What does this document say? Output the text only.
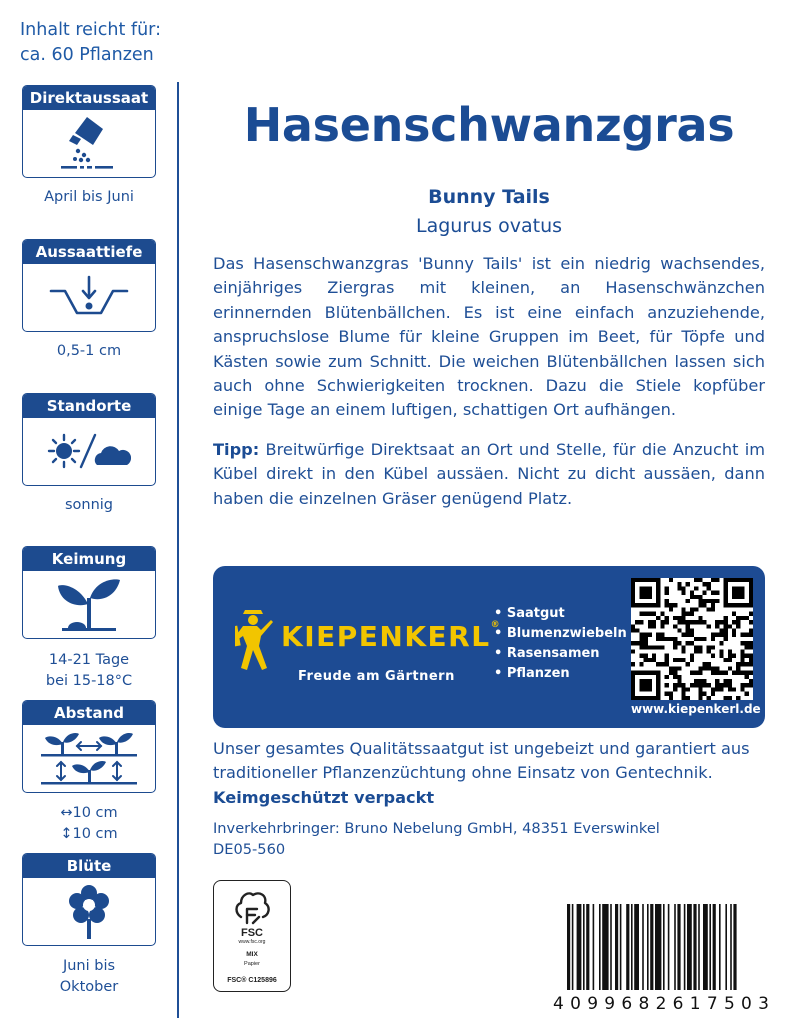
Inhalt reicht für:
ca. 60 Pflanzen
Direktaussaat
April bis Juni
Aussaattiefe
0,5-1 cm
Standorte
sonnig
Keimung
14-21 Tage
bei 15-18°C
Abstand
↔10 cm
↕10 cm
Blüte
Juni bis
Oktober
Hasenschwanzgras
Bunny Tails
Lagurus ovatus

Das Hasenschwanzgras 'Bunny Tails' ist ein niedrig wachsendes, einjähriges Ziergras mit kleinen, an Hasenschwänzchen erinnernden Blütenbällchen. Es ist eine einfach anzuziehende, anspruchslose Blume für kleine Gruppen im Beet, für Töpfe und Kästen sowie zum Schnitt. Die weichen Blütenbällchen lassen sich auch ohne Schwierigkeiten trocknen. Dazu die Stiele kopfüber einige Tage an einem luftigen, schattigen Ort aufhängen.

Tipp: Breitwürfige Direktsaat an Ort und Stelle, für die Anzucht im Kübel direkt in den Kübel aussäen. Nicht zu dicht aussäen, dann haben die einzelnen Gräser genügend Platz.

KIEPENKERL®
Freude am Gärtnern
• Saatgut
• Blumenzwiebeln
• Rasensamen
• Pflanzen
www.kiepenkerl.de
Unser gesamtes Qualitätssaatgut ist ungebeizt und garantiert aus traditioneller Pflanzenzüchtung ohne Einsatz von Gentechnik.
Keimgeschützt verpackt
Inverkehrbringer: Bruno Nebelung GmbH, 48351 Everswinkel
DE05-560
FSC
www.fsc.org
MIX
Papier
FSC® C125896
4 0 9 9 6 8 2 6 1 7 5 0 3
